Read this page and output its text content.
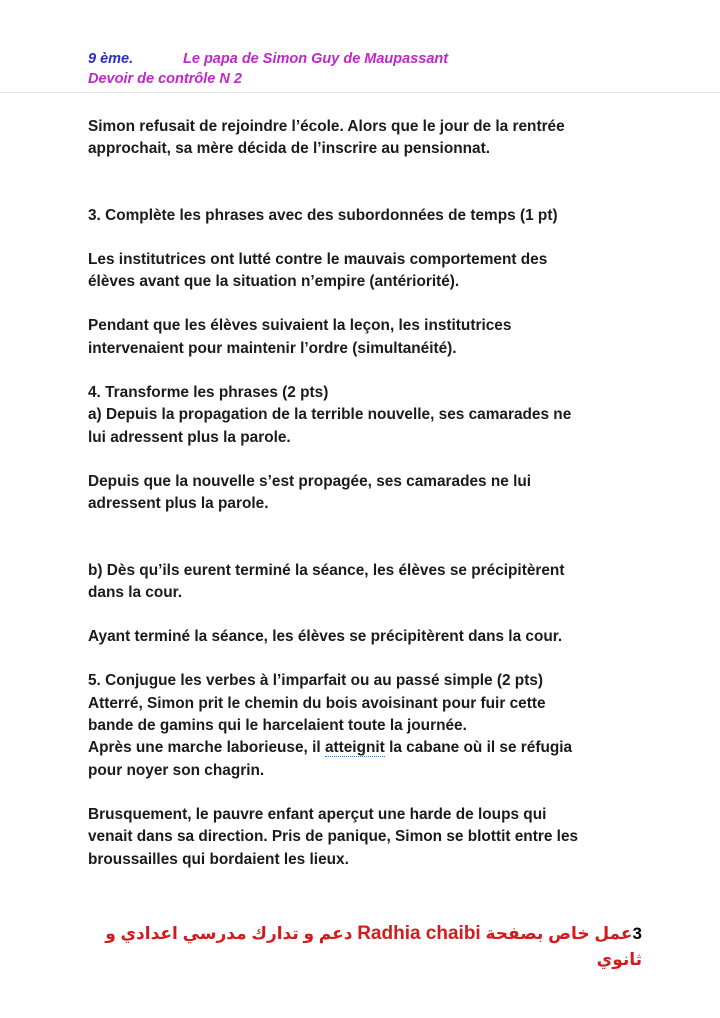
9 ème.	Le papa de Simon Guy de Maupassant
Devoir de contrôle N 2

Simon refusait de rejoindre l’école. Alors que le jour de la rentrée

approchait, sa mère décida de l’inscrire au pensionnat.

3. Complète les phrases avec des subordonnées de temps (1 pt)

Les institutrices ont lutté contre le mauvais comportement des

élèves avant que la situation n’empire (antériorité).

Pendant que les élèves suivaient la leçon, les institutrices

intervenaient pour maintenir l’ordre (simultanéité).

4. Transforme les phrases (2 pts)

a) Depuis la propagation de la terrible nouvelle, ses camarades ne

lui adressent plus la parole.

Depuis que la nouvelle s’est propagée, ses camarades ne lui

adressent plus la parole.

b) Dès qu’ils eurent terminé la séance, les élèves se précipitèrent

dans la cour.

Ayant terminé la séance, les élèves se précipitèrent dans la cour.

5. Conjugue les verbes à l’imparfait ou au passé simple (2 pts)

Atterré, Simon prit le chemin du bois avoisinant pour fuir cette

bande de gamins qui le harcelaient toute la journée.

Après une marche laborieuse, il atteignit la cabane où il se réfugia

pour noyer son chagrin.

Brusquement, le pauvre enfant aperçut une harde de loups qui

venait dans sa direction. Pris de panique, Simon se blottit entre les

broussailles qui bordaient les lieux.

3عمل خاص بصفحة Radhia chaibi دعم و تدارك مدرسي اعدادي و ثانوي
